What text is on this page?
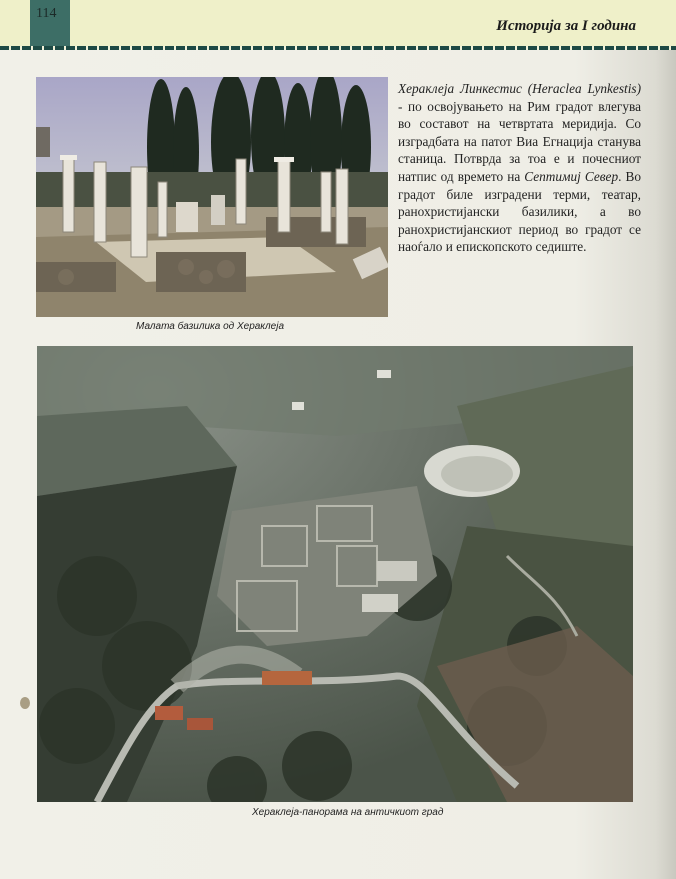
114
Историја за I година
Малата базилика од Хераклеја
Хераклеја Линкестис (Heraclea Lynkestis) - по освојувањето на Рим градот влегува во составот на четвртата меридија. Со изградбата на патот Виа Егнација станува станица. Потврда за тоа е и почесниот натпис од времето на Септимиј Север. Во градот биле изградени терми, театар, ранохристијански базилики, а во ранохристијанскиот период во градот се наоѓало и епископското седиште.
Хераклеја-панорама на античкиот град
